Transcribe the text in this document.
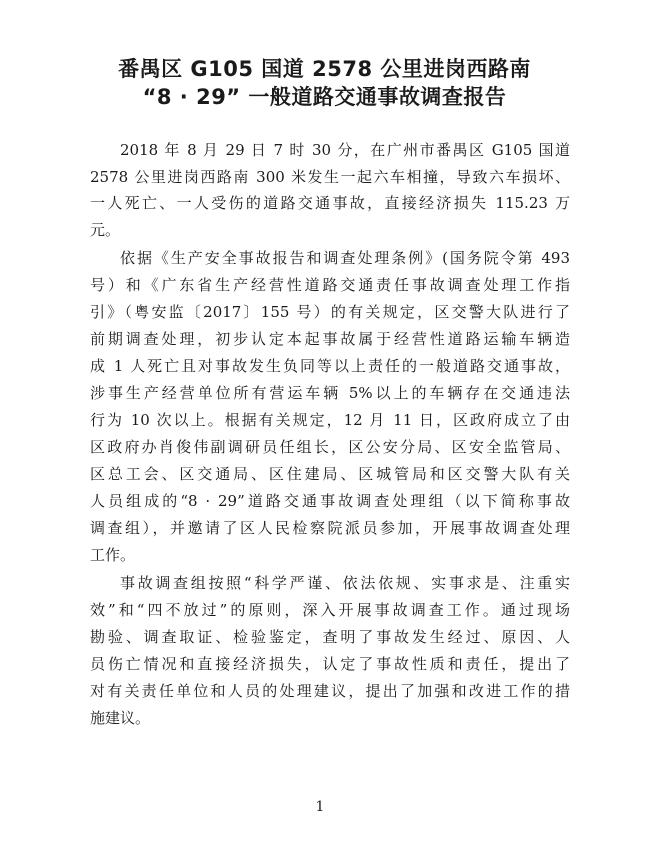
番禺区 G105 国道 2578 公里进岗西路南
“8 · 29” 一般道路交通事故调查报告
2018 年 8 月 29 日 7 时 30 分，在广州市番禺区 G105 国道
2578 公里进岗西路南 300 米发生一起六车相撞，导致六车损坏、
一人死亡、一人受伤的道路交通事故，直接经济损失 115.23 万
元。
依据《生产安全事故报告和调查处理条例》(国务院令第 493
号）和《广东省生产经营性道路交通责任事故调查处理工作指
引》（粤安监〔2017〕155 号）的有关规定，区交警大队进行了
前期调查处理，初步认定本起事故属于经营性道路运输车辆造
成 1 人死亡且对事故发生负同等以上责任的一般道路交通事故，
涉事生产经营单位所有营运车辆 5%以上的车辆存在交通违法
行为 10 次以上。根据有关规定，12 月 11 日，区政府成立了由
区政府办肖俊伟副调研员任组长，区公安分局、区安全监管局、
区总工会、区交通局、区住建局、区城管局和区交警大队有关
人员组成的“8 · 29”道路交通事故调查处理组（以下简称事故
调查组），并邀请了区人民检察院派员参加，开展事故调查处理
工作。
事故调查组按照“科学严谨、依法依规、实事求是、注重实
效”和“四不放过”的原则，深入开展事故调查工作。通过现场
勘验、调查取证、检验鉴定，查明了事故发生经过、原因、人
员伤亡情况和直接经济损失，认定了事故性质和责任，提出了
对有关责任单位和人员的处理建议，提出了加强和改进工作的措
施建议。
1
